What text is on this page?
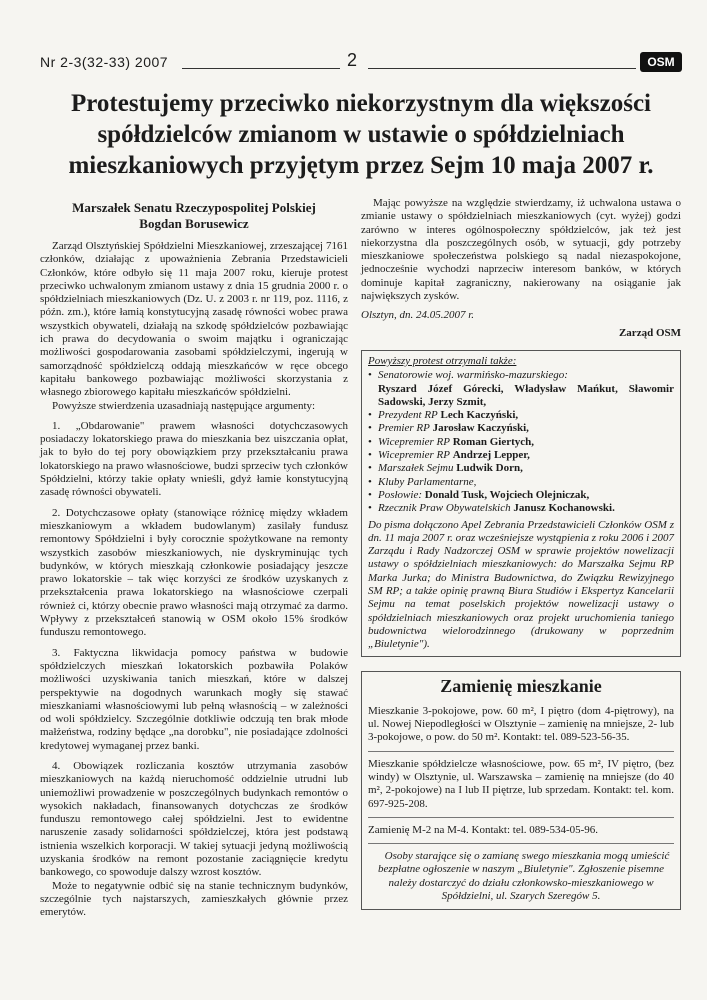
Nr 2-3(32-33) 2007	2	OSM
Protestujemy przeciwko niekorzystnym dla większości spółdzielców zmianom w ustawie o spółdzielniach mieszkaniowych przyjętym przez Sejm 10 maja 2007 r.
Marszałek Senatu Rzeczypospolitej Polskiej
Bogdan Borusewicz

Zarząd Olsztyńskiej Spółdzielni Mieszkaniowej, zrzeszającej 7161 członków, działając z upoważnienia Zebrania Przedstawicieli Członków, które odbyło się 11 maja 2007 roku, kieruje protest przeciwko uchwalonym zmianom ustawy z dnia 15 grudnia 2000 r. o spółdzielniach mieszkaniowych (Dz. U. z 2003 r. nr 119, poz. 1116, z późn. zm.), które łamią konstytucyjną zasadę równości wobec prawa wszystkich obywateli, działają na szkodę spółdzielców pozbawiając ich prawa do decydowania o swoim majątku i ograniczając możliwości gospodarowania zasobami spółdzielczymi, ingerują w samorządność spółdzielczą oddają mieszkańców w ręce obcego kapitału bankowego pozbawiając możliwości skorzystania z własnego zbiorowego kapitału mieszkańców spółdzielni.

Powyższe stwierdzenia uzasadniają następujące argumenty:

1. „Obdarowanie" prawem własności dotychczasowych posiadaczy lokatorskiego prawa do mieszkania bez uiszczania opłat, jak to było do tej pory obowiązkiem przy przekształcaniu prawa lokatorskiego na prawo własnościowe, budzi sprzeciw tych członków Spółdzielni, którzy takie opłaty wnieśli, gdyż łamie konstytucyjną zasadę równości obywateli.

2. Dotychczasowe opłaty (stanowiące różnicę między wkładem mieszkaniowym a wkładem budowlanym) zasilały fundusz remontowy Spółdzielni i były corocznie spożytkowane na remonty wszystkich zasobów mieszkaniowych, nie dyskryminując tych budynków, w których mieszkają członkowie posiadający jeszcze prawo lokatorskie – tak więc korzyści ze środków uzyskanych z przekształcenia prawa lokatorskiego na własnościowe czerpali również ci, którzy obecnie prawo własności mają otrzymać za darmo. Wpływy z przekształceń stanowią w OSM około 15% środków funduszu remontowego.

3. Faktyczna likwidacja pomocy państwa w budowie spółdzielczych mieszkań lokatorskich pozbawiła Polaków możliwości uzyskiwania tanich mieszkań, które w dalszej perspektywie na dogodnych warunkach mogły się stawać mieszkaniami własnościowymi lub pełną własnością – w zależności od woli spółdzielcy. Szczególnie dotkliwie odczują ten brak młode małżeństwa, rodziny będące „na dorobku", nie posiadające zdolności kredytowej wymaganej przez banki.

4. Obowiązek rozliczania kosztów utrzymania zasobów mieszkaniowych na każdą nieruchomość oddzielnie utrudni lub uniemożliwi prowadzenie w poszczególnych budynkach remontów o wysokich nakładach, finansowanych dotychczas ze środków funduszu remontowego całej spółdzielni. Jest to ewidentne naruszenie zasady solidarności spółdzielczej, która jest podstawą istnienia wszelkich korporacji. W takiej sytuacji jedyną możliwością uzyskania środków na remont pozostanie zaciągnięcie kredytu bankowego, co spowoduje dalszy wzrost kosztów.

Może to negatywnie odbić się na stanie technicznym budynków, szczególnie tych najstarszych, zamieszkałych głównie przez emerytów.

Mając powyższe na względzie stwierdzamy, iż uchwalona ustawa o zmianie ustawy o spółdzielniach mieszkaniowych (cyt. wyżej) godzi zarówno w interes ogólnospołeczny spółdzielców, jak też jest niekorzystna dla poszczególnych osób, w sytuacji, gdy potrzeby mieszkaniowe społeczeństwa polskiego są nadal niezaspokojone, jednocześnie wychodzi naprzeciw interesom banków, w których dominuje kapitał zagraniczny, nakierowany na osiąganie jak największych zysków.

Olsztyn, dn. 24.05.2007 r.

Zarząd OSM

Powyższy protest otrzymali także:
• Senatorowie woj. warmińsko-mazurskiego:
Ryszard Józef Górecki, Władysław Mańkut, Sławomir Sadowski, Jerzy Szmit,
• Prezydent RP Lech Kaczyński,
• Premier RP Jarosław Kaczyński,
• Wicepremier RP Roman Giertych,
• Wicepremier RP Andrzej Lepper,
• Marszałek Sejmu Ludwik Dorn,
• Kluby Parlamentarne,
• Posłowie: Donald Tusk, Wojciech Olejniczak,
• Rzecznik Praw Obywatelskich Janusz Kochanowski.

Do pisma dołączono Apel Zebrania Przedstawicieli Członków OSM z dn. 11 maja 2007 r. oraz wcześniejsze wystąpienia z roku 2006 i 2007 Zarządu i Rady Nadzorczej OSM w sprawie projektów nowelizacji ustawy o spółdzielniach mieszkaniowych: do Marszałka Sejmu RP Marka Jurka; do Ministra Budownictwa, do Związku Rewizyjnego SM RP; a także opinię prawną Biura Studiów i Ekspertyz Kancelarii Sejmu na temat poselskich projektów nowelizacji ustawy o spółdzielniach mieszkaniowych oraz projekt uruchomienia taniego budownictwa wielorodzinnego (drukowany w poprzednim „Biuletynie").

Zamienię mieszkanie

Mieszkanie 3-pokojowe, pow. 60 m², I piętro (dom 4-piętrowy), na ul. Nowej Niepodległości w Olsztynie – zamienię na mniejsze, 2- lub 3-pokojowe, o pow. do 50 m². Kontakt: tel. 089-523-56-35.

Mieszkanie spółdzielcze własnościowe, pow. 65 m², IV piętro, (bez windy) w Olsztynie, ul. Warszawska – zamienię na mniejsze (do 40 m², 2-pokojowe) na I lub II piętrze, lub sprzedam. Kontakt: tel. kom. 697-925-208.

Zamienię M-2 na M-4. Kontakt: tel. 089-534-05-96.

Osoby starające się o zamianę swego mieszkania mogą umieścić bezpłatne ogłoszenie w naszym „Biuletynie". Zgłoszenie pisemne należy dostarczyć do działu członkowsko-mieszkaniowego w Spółdzielni, ul. Szarych Szeregów 5.
